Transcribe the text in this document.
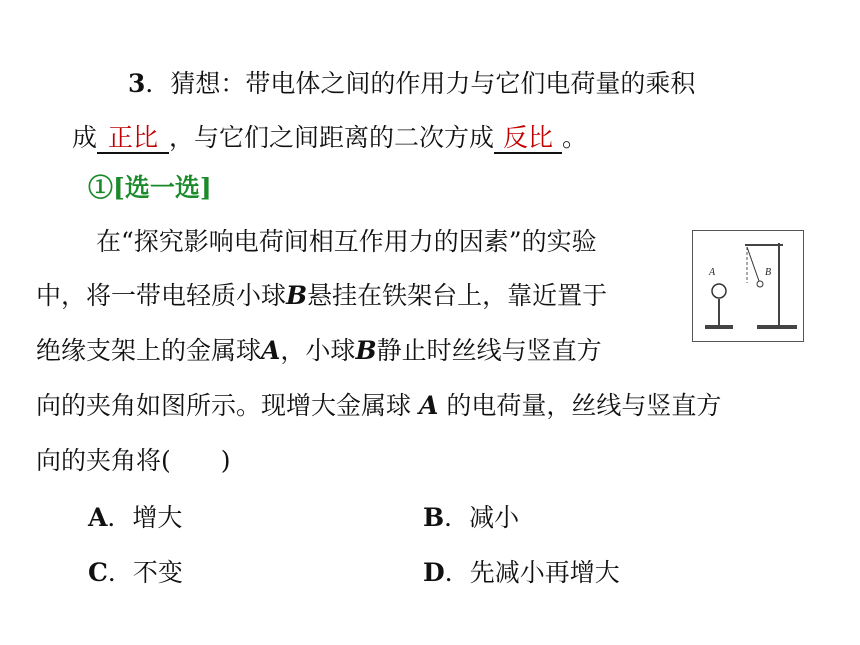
3．猜想：带电体之间的作用力与它们电荷量的乘积
成 正比 ，与它们之间距离的二次方成 反比 。
①[选一选]
在“探究影响电荷间相互作用力的因素”的实验
中，将一带电轻质小球B悬挂在铁架台上，靠近置于
绝缘支架上的金属球A，小球B静止时丝线与竖直方
向的夹角如图所示。现增大金属球 A 的电荷量，丝线与竖直方
向的夹角将(　　)
A．增大	B．减小
C．不变	D．先减小再增大
A	B
